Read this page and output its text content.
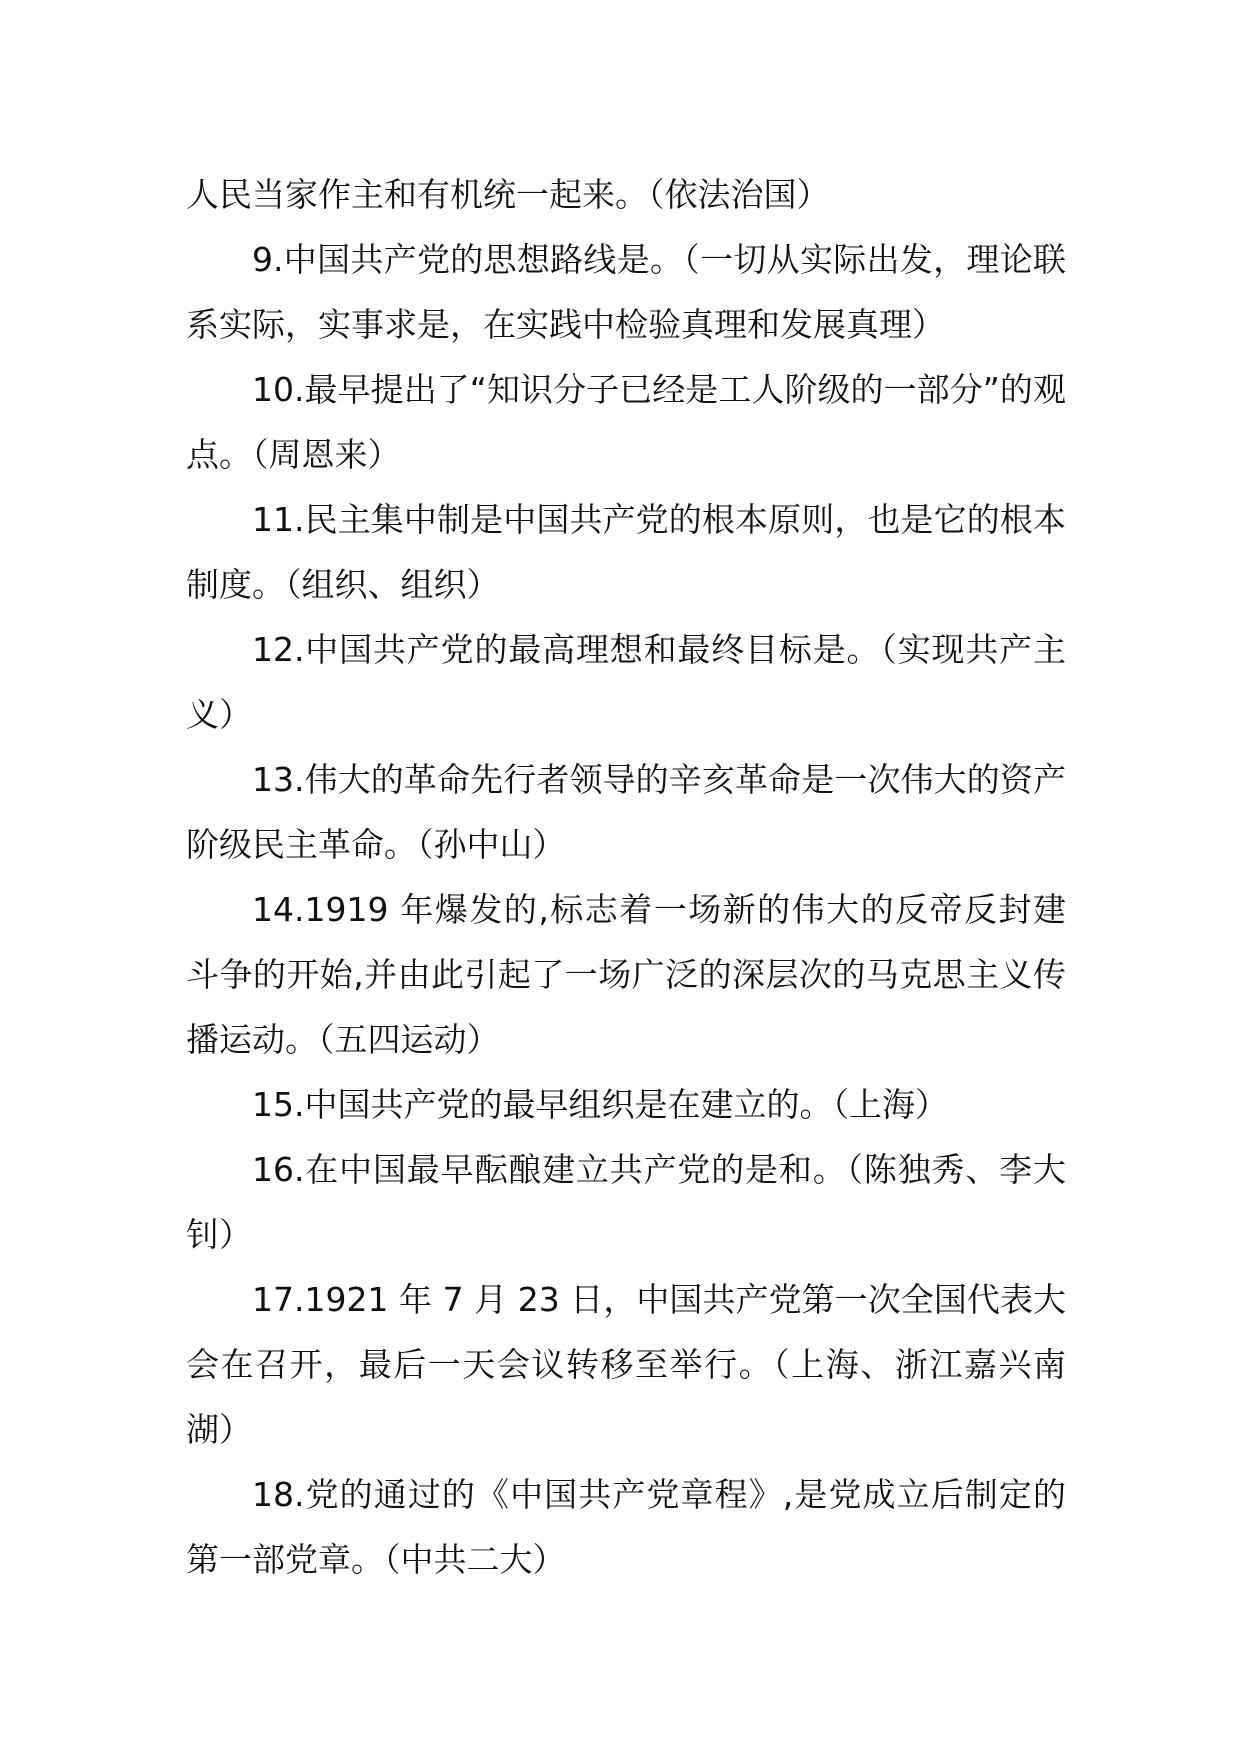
人民当家作主和有机统一起来。（依法治国）

9.中国共产党的思想路线是。（一切从实际出发，理论联系实际，实事求是，在实践中检验真理和发展真理）

10.最早提出了“知识分子已经是工人阶级的一部分”的观点。（周恩来）

11.民主集中制是中国共产党的根本原则，也是它的根本制度。（组织、组织）

12.中国共产党的最高理想和最终目标是。（实现共产主义）

13.伟大的革命先行者领导的辛亥革命是一次伟大的资产阶级民主革命。（孙中山）

14.1919 年爆发的,标志着一场新的伟大的反帝反封建斗争的开始,并由此引起了一场广泛的深层次的马克思主义传播运动。（五四运动）

15.中国共产党的最早组织是在建立的。（上海）

16.在中国最早酝酿建立共产党的是和。（陈独秀、李大钊）

17.1921 年 7 月 23 日，中国共产党第一次全国代表大会在召开，最后一天会议转移至举行。（上海、浙江嘉兴南湖）

18.党的通过的《中国共产党章程》,是党成立后制定的第一部党章。（中共二大）
